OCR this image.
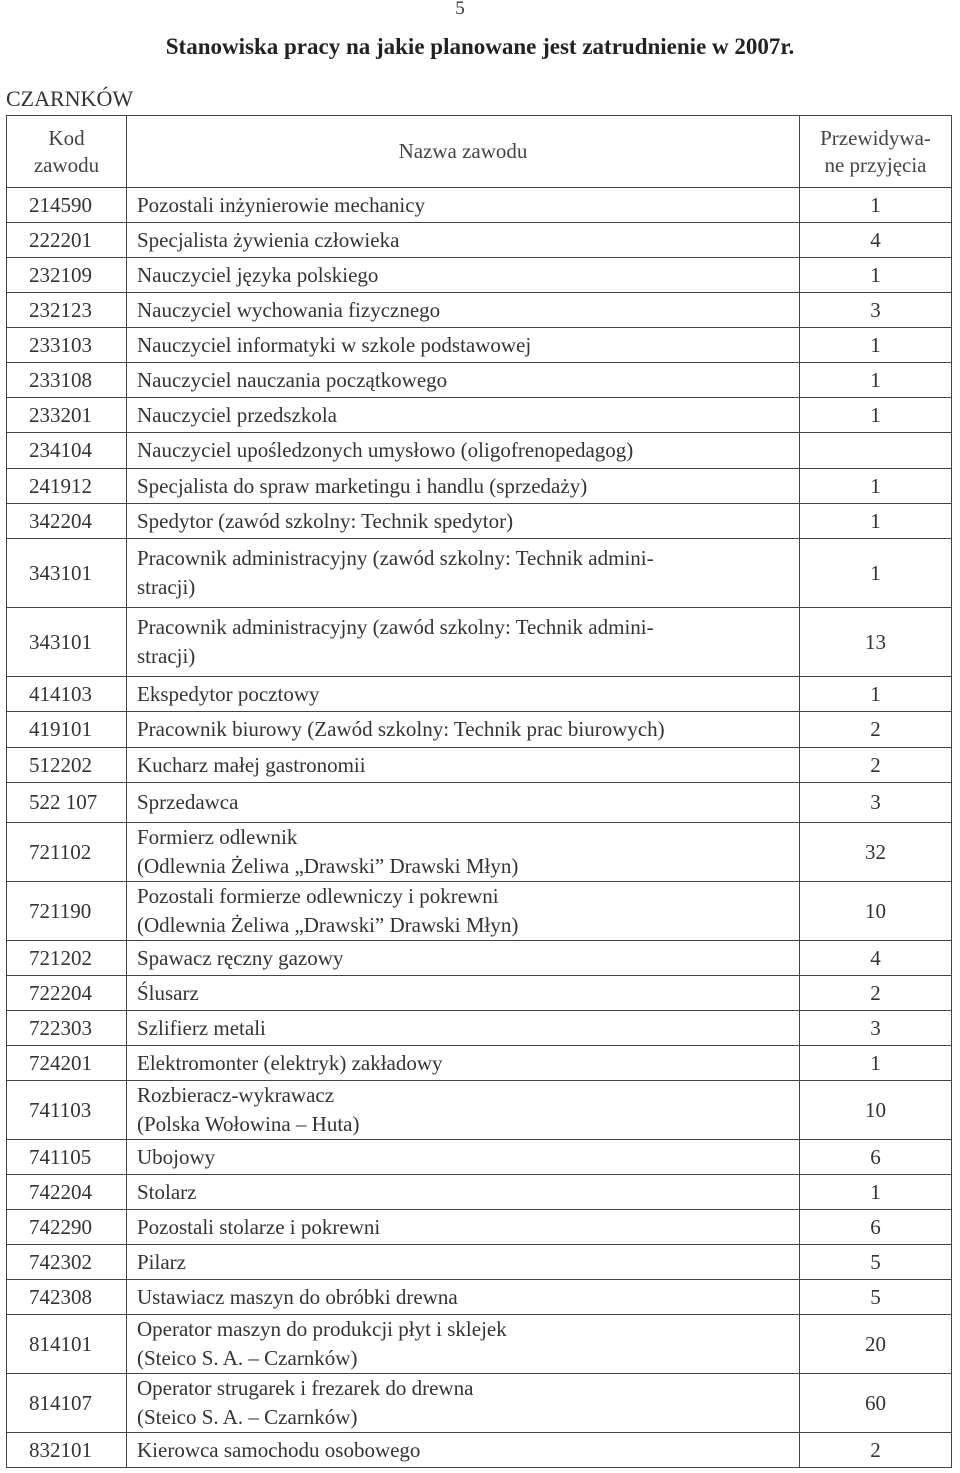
5
Stanowiska pracy na jakie planowane jest zatrudnienie w 2007r.
CZARNKÓW
Kod
zawodu	Nazwa zawodu	Przewidywa-
ne przyjęcia

214590	Pozostali inżynierowie mechanicy	1
222201	Specjalista żywienia człowieka	4
232109	Nauczyciel języka polskiego	1
232123	Nauczyciel wychowania fizycznego	3
233103	Nauczyciel informatyki w szkole podstawowej	1
233108	Nauczyciel nauczania początkowego	1
233201	Nauczyciel przedszkola	1
234104	Nauczyciel upośledzonych umysłowo (oligofrenopedagog)	

241912	Specjalista do spraw marketingu i handlu (sprzedaży)	1
342204	Spedytor (zawód szkolny: Technik spedytor)	1
343101	Pracownik administracyjny (zawód szkolny: Technik admini-
stracji)	1
343101	Pracownik administracyjny (zawód szkolny: Technik admini-
stracji)	13
414103	Ekspedytor pocztowy	1
419101	Pracownik biurowy (Zawód szkolny: Technik prac biurowych)	2
512202	Kucharz małej gastronomii	2
522 107	Sprzedawca	3
721102	Formierz odlewnik
(Odlewnia Żeliwa „Drawski” Drawski Młyn)	32
721190	Pozostali formierze odlewniczy i pokrewni
(Odlewnia Żeliwa „Drawski” Drawski Młyn)	10
721202	Spawacz ręczny gazowy	4
722204	Ślusarz	2
722303	Szlifierz metali	3
724201	Elektromonter (elektryk) zakładowy	1
741103	Rozbieracz-wykrawacz
(Polska Wołowina – Huta)	10
741105	Ubojowy	6
742204	Stolarz	1
742290	Pozostali stolarze i pokrewni	6
742302	Pilarz	5
742308	Ustawiacz maszyn do obróbki drewna	5
814101	Operator maszyn do produkcji płyt i sklejek
(Steico S. A. – Czarnków)	20
814107	Operator strugarek i frezarek do drewna
(Steico S. A. – Czarnków)	60
832101	Kierowca samochodu osobowego	2
